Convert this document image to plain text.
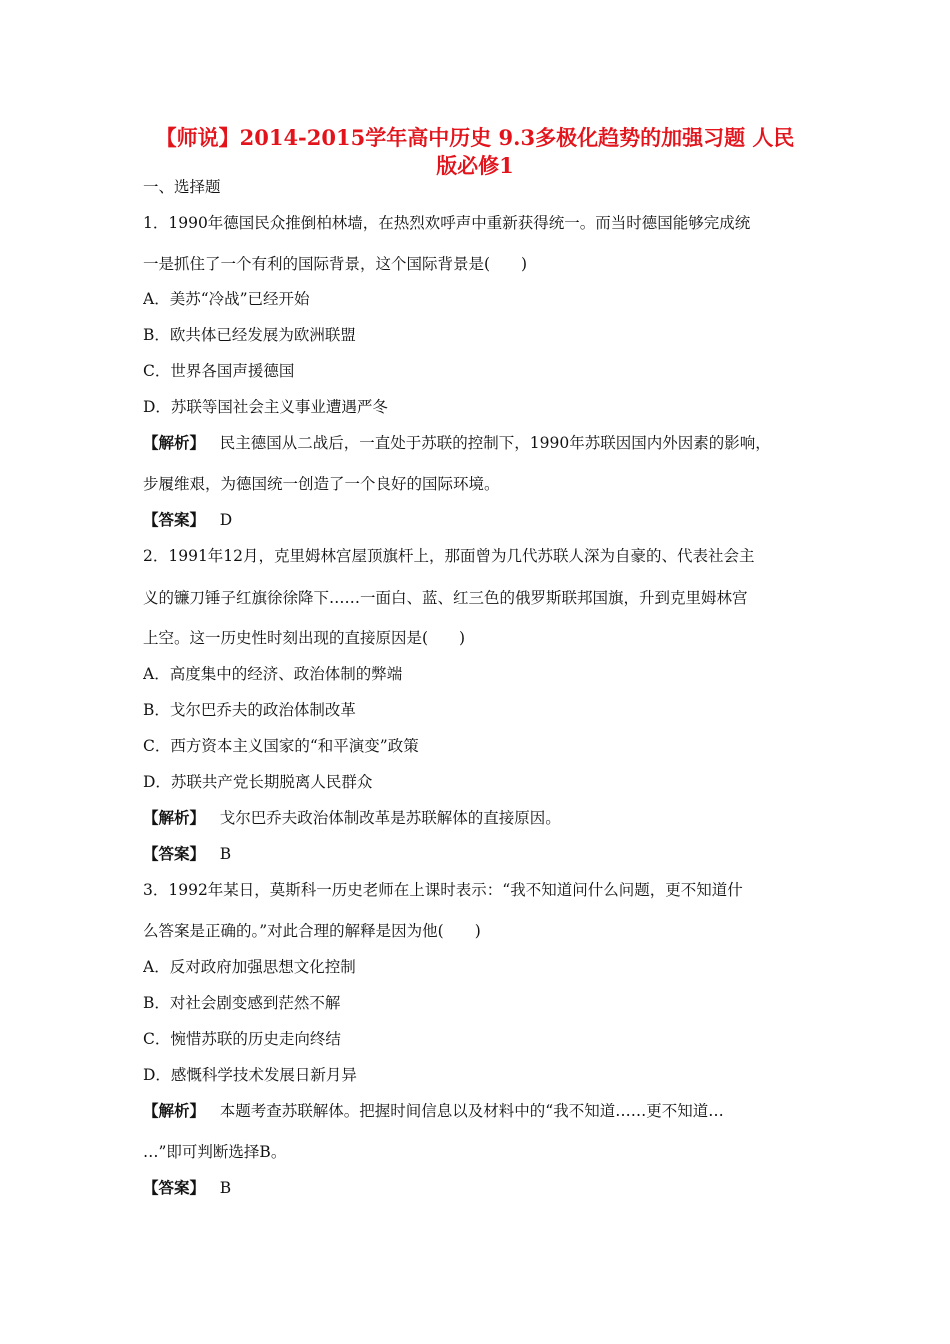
【师说】2014-2015学年高中历史 9.3多极化趋势的加强习题 人民
版必修1
一、选择题
1．1990年德国民众推倒柏林墙，在热烈欢呼声中重新获得统一。而当时德国能够完成统
一是抓住了一个有利的国际背景，这个国际背景是(　　)
A．美苏“冷战”已经开始
B．欧共体已经发展为欧洲联盟
C．世界各国声援德国
D．苏联等国社会主义事业遭遇严冬
【解析】 民主德国从二战后，一直处于苏联的控制下，1990年苏联因国内外因素的影响，
步履维艰，为德国统一创造了一个良好的国际环境。
【答案】 D
2．1991年12月，克里姆林宫屋顶旗杆上，那面曾为几代苏联人深为自豪的、代表社会主
义的镰刀锤子红旗徐徐降下……一面白、蓝、红三色的俄罗斯联邦国旗，升到克里姆林宫
上空。这一历史性时刻出现的直接原因是(　　)
A．高度集中的经济、政治体制的弊端
B．戈尔巴乔夫的政治体制改革
C．西方资本主义国家的“和平演变”政策
D．苏联共产党长期脱离人民群众
【解析】 戈尔巴乔夫政治体制改革是苏联解体的直接原因。
【答案】 B
3．1992年某日，莫斯科一历史老师在上课时表示：“我不知道问什么问题，更不知道什
么答案是正确的。”对此合理的解释是因为他(　　)
A．反对政府加强思想文化控制
B．对社会剧变感到茫然不解
C．惋惜苏联的历史走向终结
D．感慨科学技术发展日新月异
【解析】 本题考查苏联解体。把握时间信息以及材料中的“我不知道……更不知道…
…”即可判断选择B。
【答案】 B
